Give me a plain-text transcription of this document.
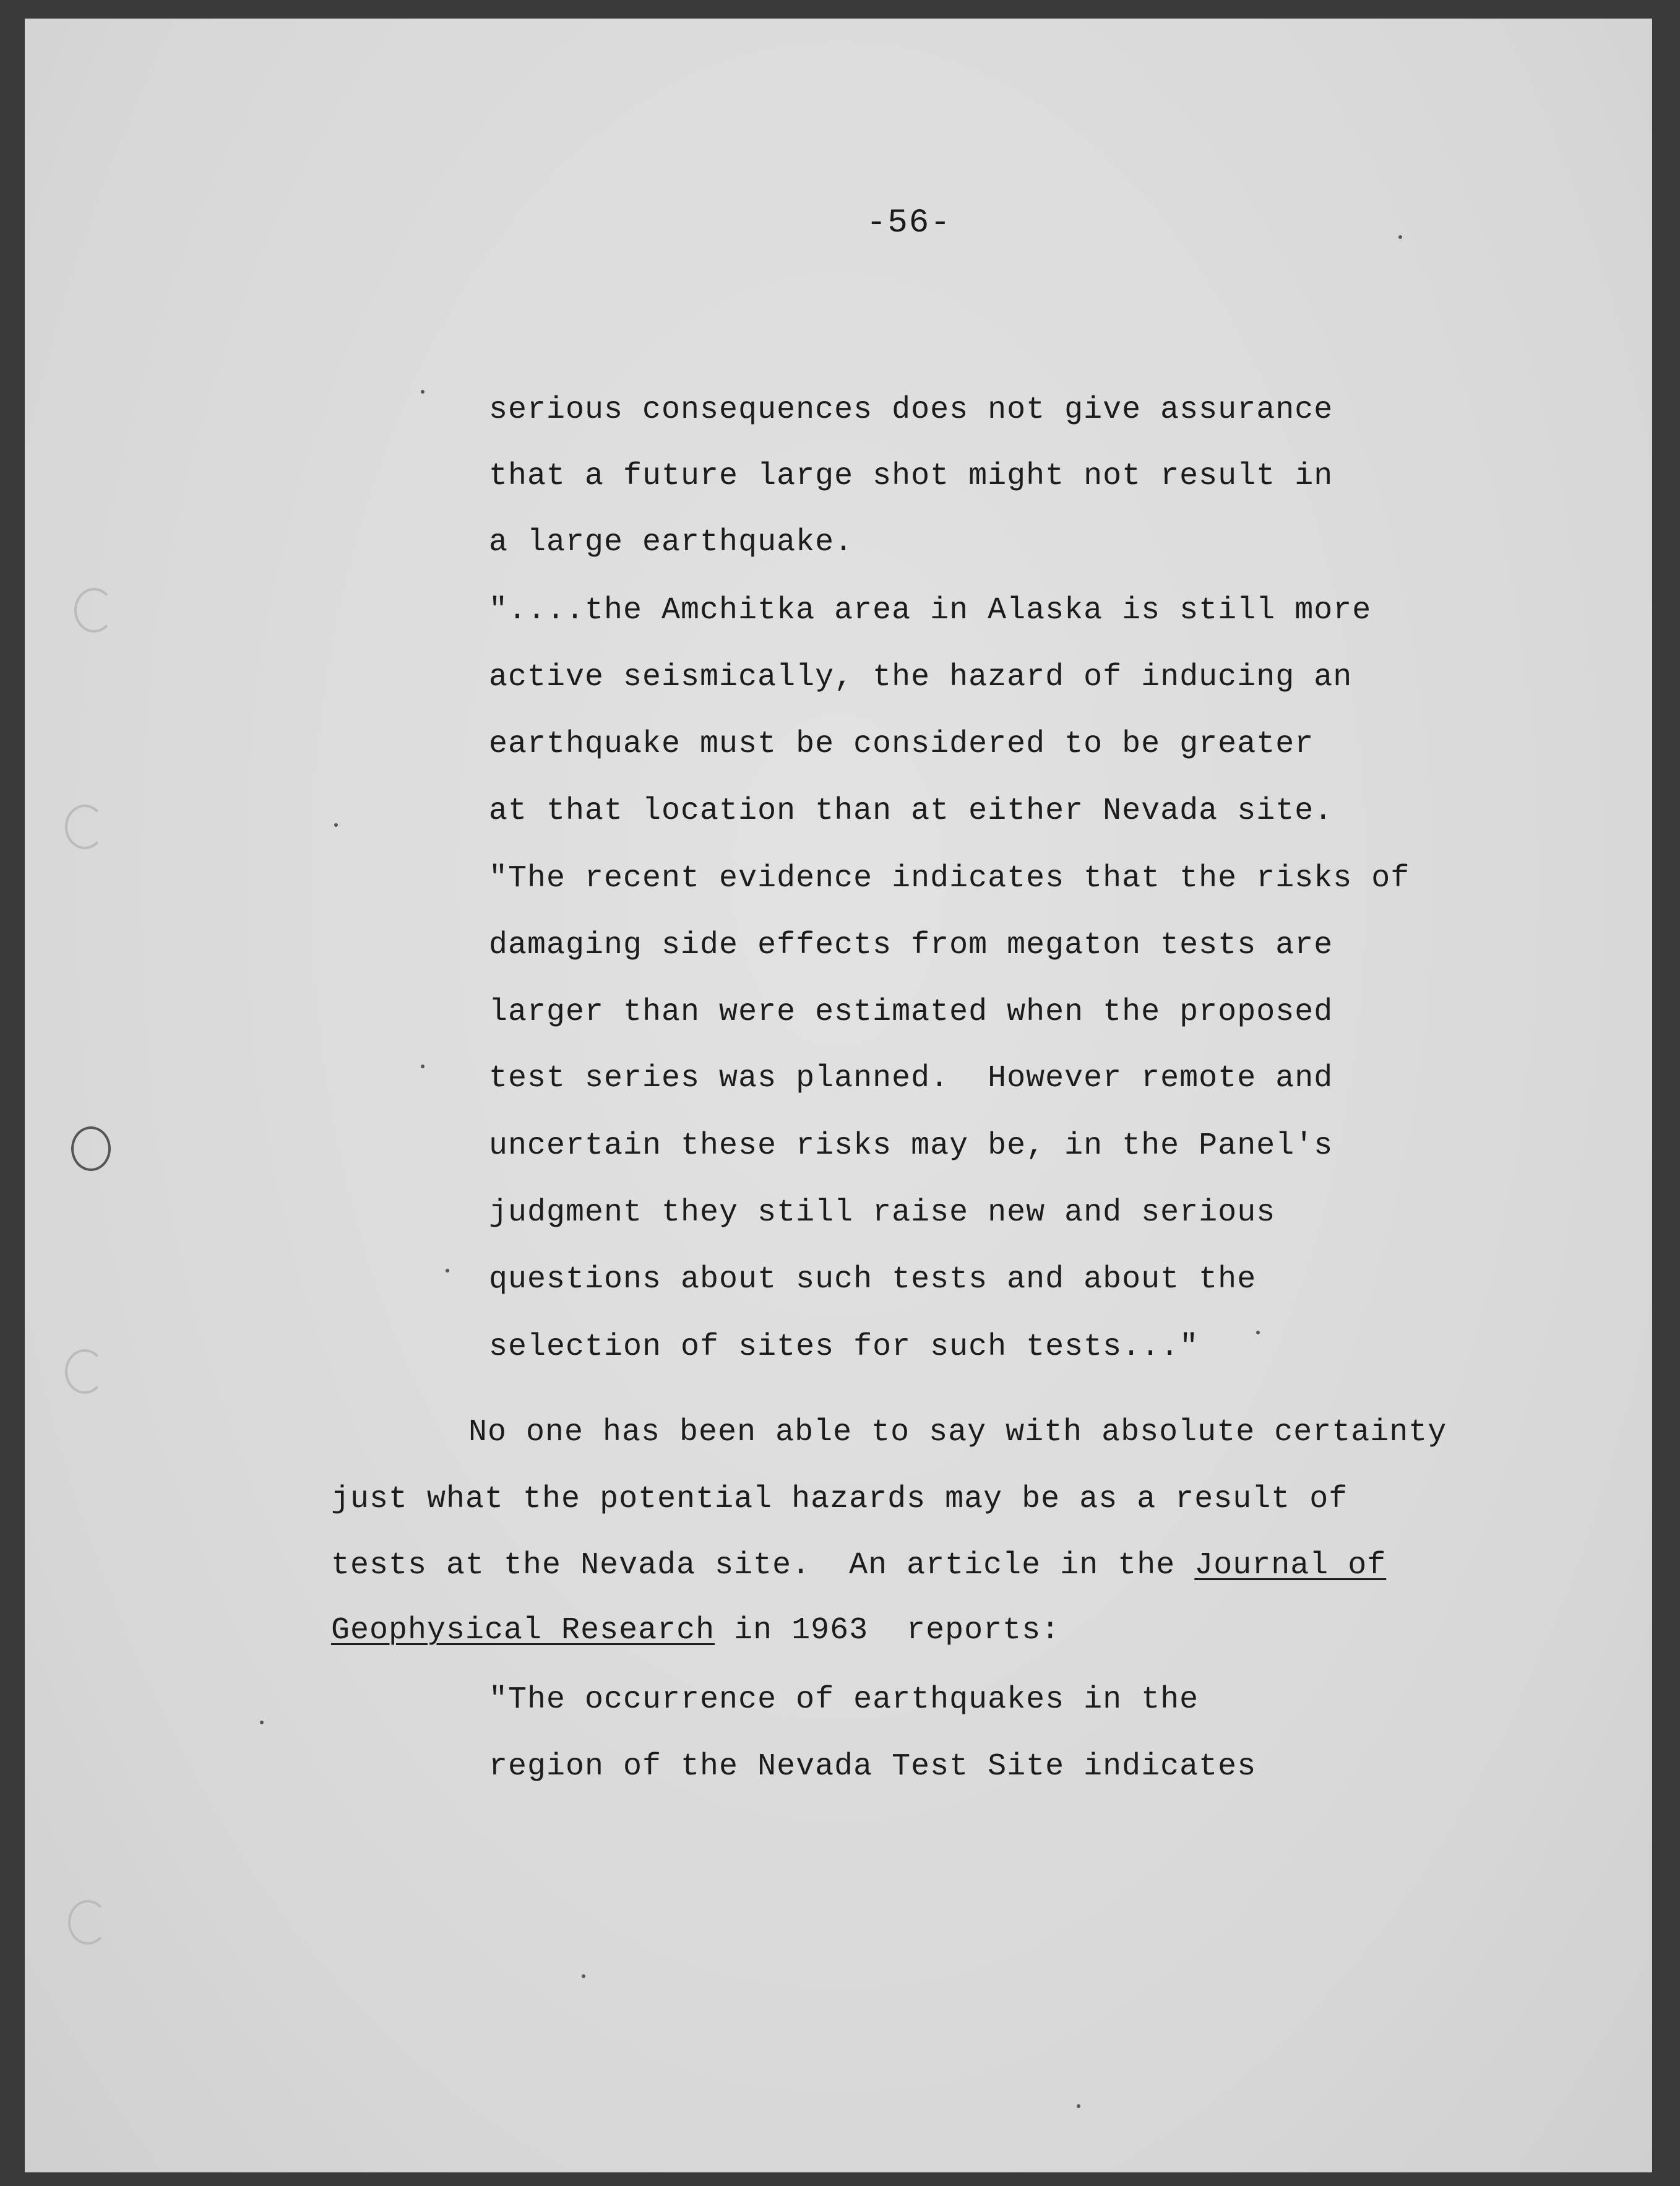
-56-
serious consequences does not give assurance
that a future large shot might not result in
a large earthquake.
"....the Amchitka area in Alaska is still more
active seismically, the hazard of inducing an
earthquake must be considered to be greater
at that location than at either Nevada site.
"The recent evidence indicates that the risks of
damaging side effects from megaton tests are
larger than were estimated when the proposed
test series was planned.  However remote and
uncertain these risks may be, in the Panel's
judgment they still raise new and serious
questions about such tests and about the
selection of sites for such tests..."
No one has been able to say with absolute certainty
just what the potential hazards may be as a result of
tests at the Nevada site.  An article in the Journal of
Geophysical Research in 1963  reports:
"The occurrence of earthquakes in the
region of the Nevada Test Site indicates
